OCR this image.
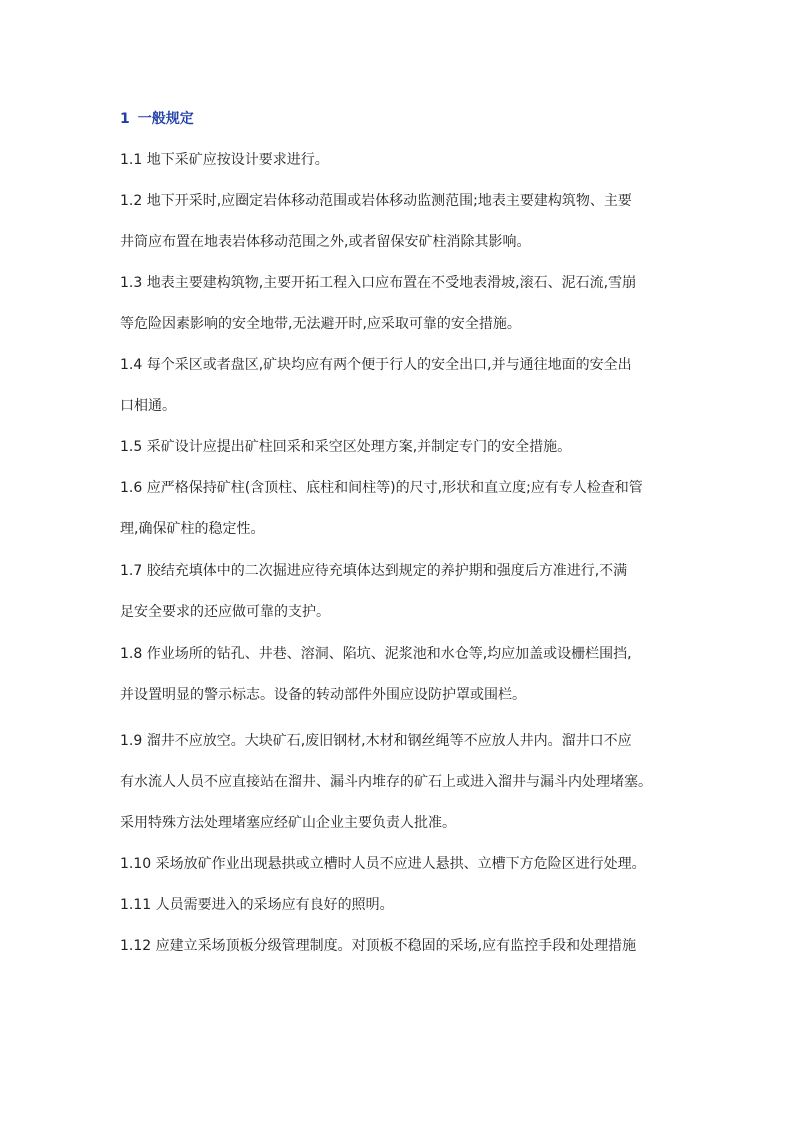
1 一般规定
1.1 地下采矿应按设计要求进行。
1.2 地下开采时,应圈定岩体移动范围或岩体移动监测范围;地表主要建构筑物、主要
井筒应布置在地表岩体移动范围之外,或者留保安矿柱消除其影响。
1.3 地表主要建构筑物,主要开拓工程入口应布置在不受地表滑坡,滚石、泥石流,雪崩
等危险因素影响的安全地带,无法避开时,应采取可靠的安全措施。
1.4 每个采区或者盘区,矿块均应有两个便于行人的安全出口,并与通往地面的安全出
口相通。
1.5 采矿设计应提出矿柱回采和采空区处理方案,并制定专门的安全措施。
1.6 应严格保持矿柱(含顶柱、底柱和间柱等)的尺寸,形状和直立度;应有专人检查和管
理,确保矿柱的稳定性。
1.7 胶结充填体中的二次掘进应待充填体达到规定的养护期和强度后方准进行,不满
足安全要求的还应做可靠的支护。
1.8 作业场所的钻孔、井巷、溶洞、陷坑、泥浆池和水仓等,均应加盖或设栅栏围挡,
并设置明显的警示标志。设备的转动部件外围应设防护罩或围栏。
1.9 溜井不应放空。大块矿石,废旧钢材,木材和钢丝绳等不应放人井内。溜井口不应
有水流人人员不应直接站在溜井、漏斗内堆存的矿石上或进入溜井与漏斗内处理堵塞。
采用特殊方法处理堵塞应经矿山企业主要负责人批准。
1.10 采场放矿作业出现悬拱或立槽时人员不应进人悬拱、立槽下方危险区进行处理。
1.11 人员需要进入的采场应有良好的照明。
1.12 应建立采场顶板分级管理制度。对顶板不稳固的采场,应有监控手段和处理措施
